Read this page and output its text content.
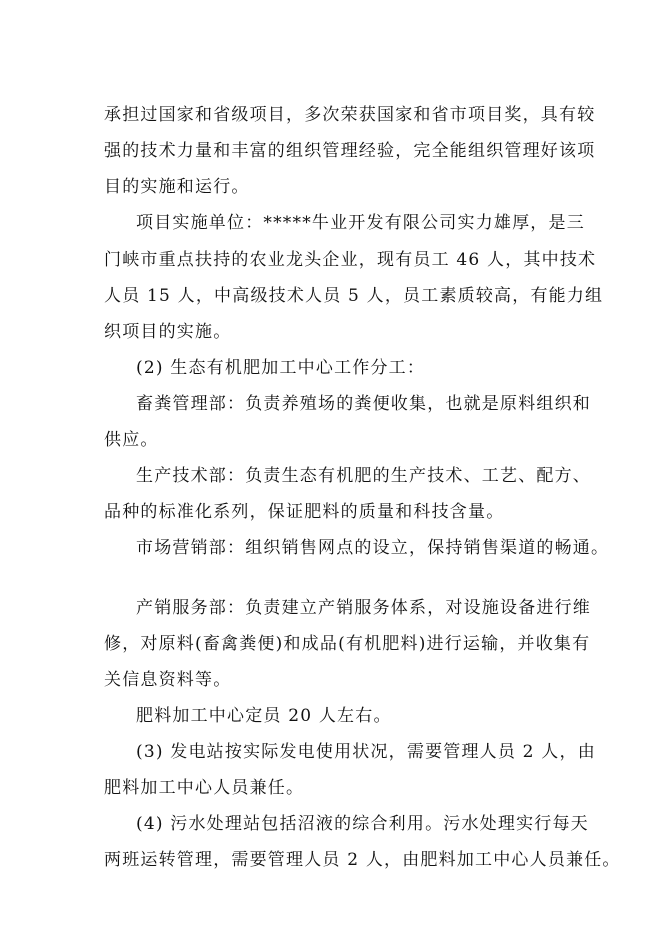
承担过国家和省级项目，多次荣获国家和省市项目奖，具有较
强的技术力量和丰富的组织管理经验，完全能组织管理好该项
目的实施和运行。
项目实施单位：*****牛业开发有限公司实力雄厚，是三
门峡市重点扶持的农业龙头企业，现有员工 46 人，其中技术
人员 15 人，中高级技术人员 5 人，员工素质较高，有能力组
织项目的实施。
(2) 生态有机肥加工中心工作分工：
畜粪管理部：负责养殖场的粪便收集，也就是原料组织和
供应。
生产技术部：负责生态有机肥的生产技术、工艺、配方、
品种的标准化系列，保证肥料的质量和科技含量。
市场营销部：组织销售网点的设立，保持销售渠道的畅通。
产销服务部：负责建立产销服务体系，对设施设备进行维
修，对原料(畜禽粪便)和成品(有机肥料)进行运输，并收集有
关信息资料等。
肥料加工中心定员 20 人左右。
(3) 发电站按实际发电使用状况，需要管理人员 2 人，由
肥料加工中心人员兼任。
(4) 污水处理站包括沼液的综合利用。污水处理实行每天
两班运转管理，需要管理人员 2 人，由肥料加工中心人员兼任。
